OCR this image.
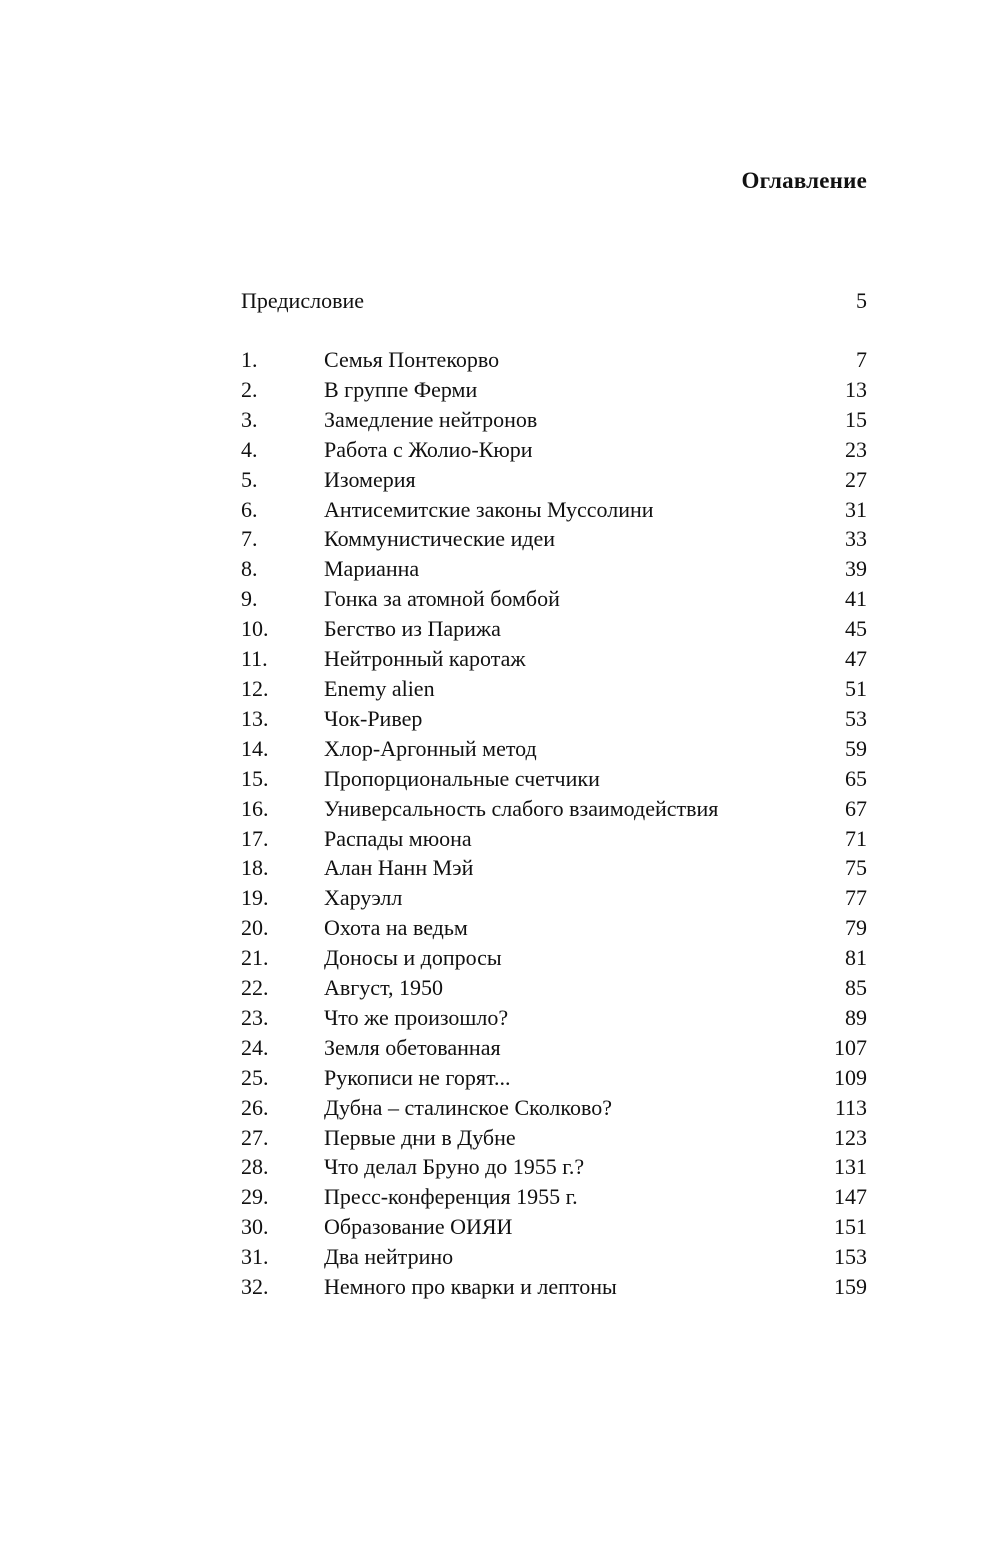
Оглавление
Предисловие	5
1.	Семья Понтекорво	7
2.	В группе Ферми	13
3.	Замедление нейтронов	15
4.	Работа с Жолио-Кюри	23
5.	Изомерия	27
6.	Антисемитские законы Муссолини	31
7.	Коммунистические идеи	33
8.	Марианна	39
9.	Гонка за атомной бомбой	41
10.	Бегство из Парижа	45
11.	Нейтронный каротаж	47
12.	Enemy alien	51
13.	Чок-Ривер	53
14.	Хлор-Аргонный метод	59
15.	Пропорциональные счетчики	65
16.	Универсальность слабого взаимодействия	67
17.	Распады мюона	71
18.	Алан Нанн Мэй	75
19.	Харуэлл	77
20.	Охота на ведьм	79
21.	Доносы и допросы	81
22.	Август, 1950	85
23.	Что же произошло?	89
24.	Земля обетованная	107
25.	Рукописи не горят...	109
26.	Дубна – сталинское Сколково?	113
27.	Первые дни в Дубне	123
28.	Что делал Бруно до 1955 г.?	131
29.	Пресс-конференция 1955 г.	147
30.	Образование ОИЯИ	151
31.	Два нейтрино	153
32.	Немного про кварки и лептоны	159
